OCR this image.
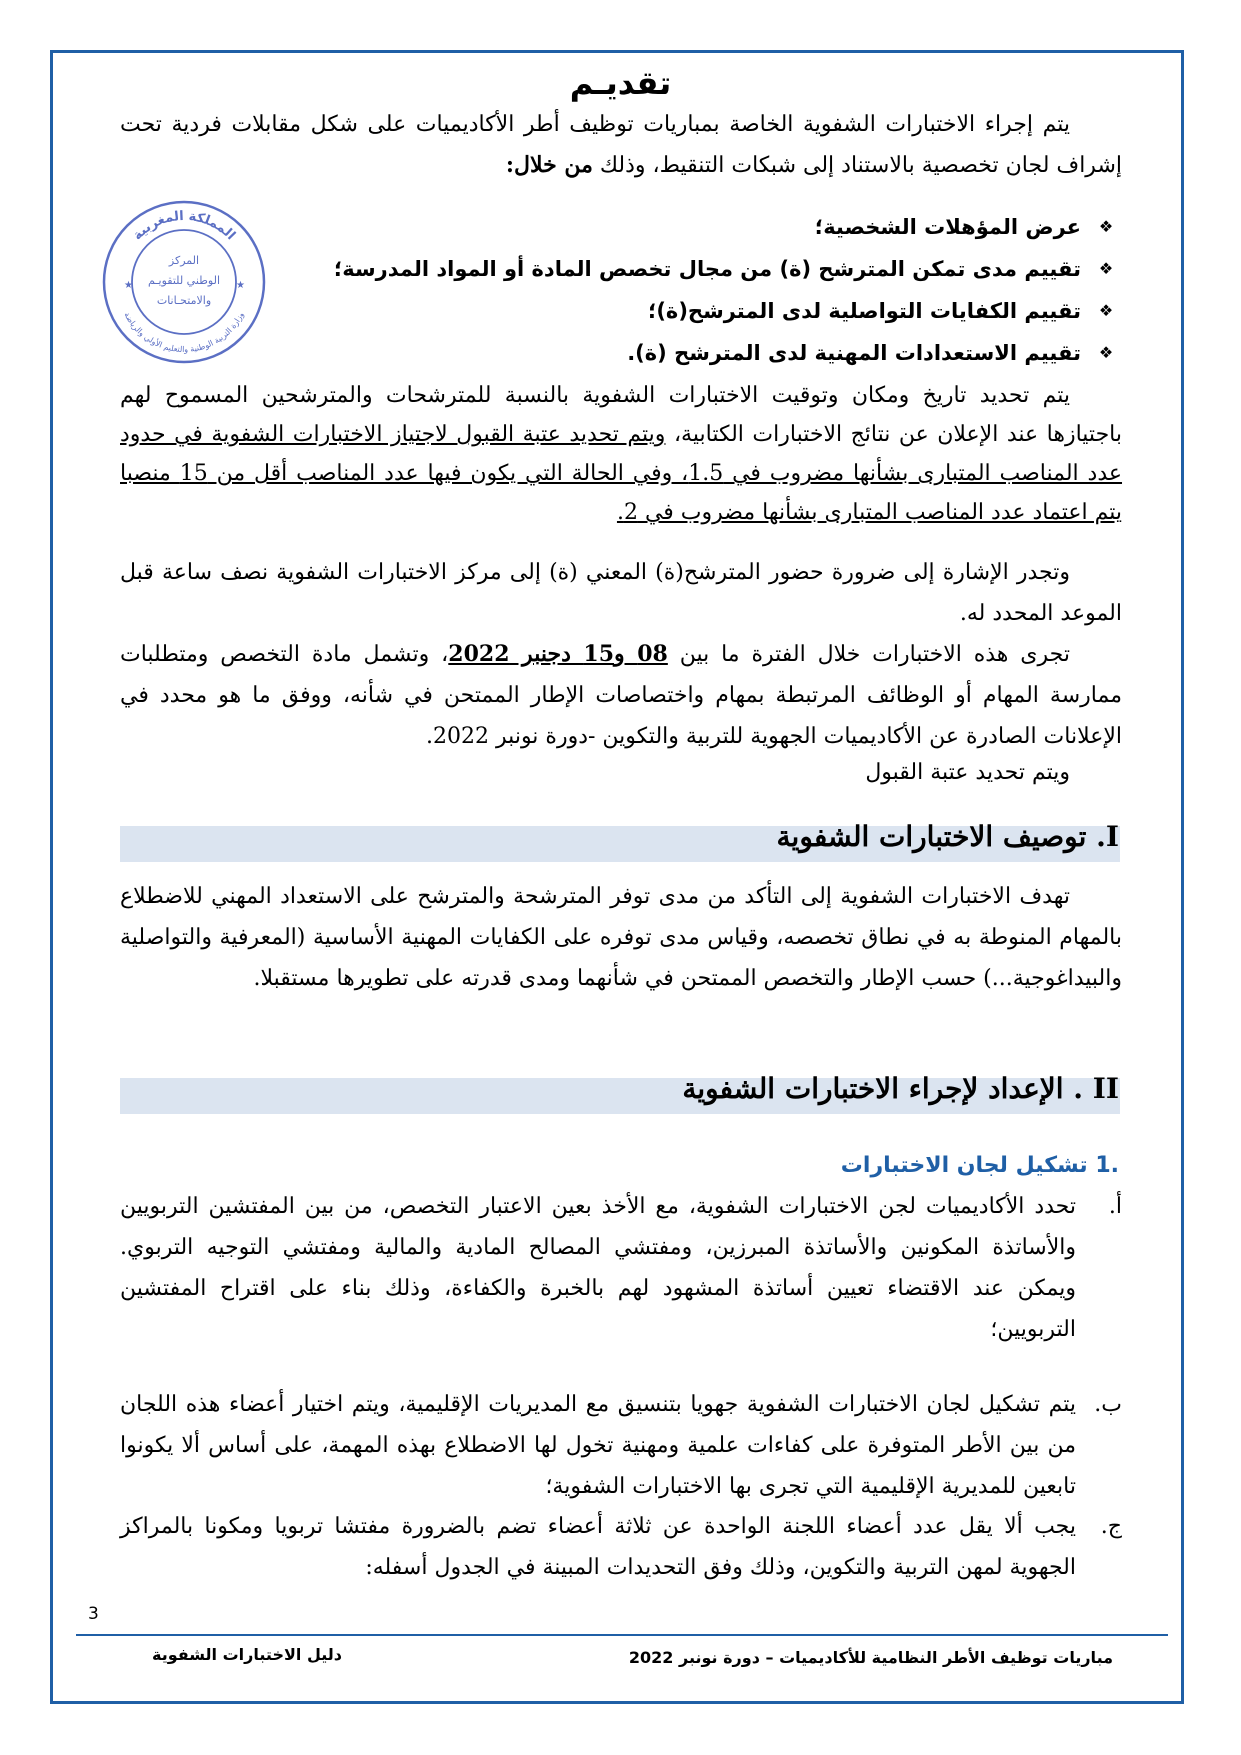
تقديـم
يتم إجراء الاختبارات الشفوية الخاصة بمباريات توظيف أطر الأكاديميات على شكل مقابلات فردية تحت إشراف لجان تخصصية بالاستناد إلى شبكات التنقيط، وذلك من خلال:
المملكة المغربية
وزارة التربية الوطنية والتعليم الأولي والرياضة
المركز
الوطني للتقويـم
والامتحـانات
★	★
❖
عرض المؤهلات الشخصية؛
❖
تقييم مدى تمكن المترشح (ة) من مجال تخصص المادة أو المواد المدرسة؛
❖
تقييم الكفايات التواصلية لدى المترشح(ة)؛
❖
تقييم الاستعدادات المهنية لدى المترشح (ة).
يتم تحديد تاريخ ومكان وتوقيت الاختبارات الشفوية بالنسبة للمترشحات والمترشحين المسموح لهم باجتيازها عند الإعلان عن نتائج الاختبارات الكتابية، ويتم تحديد عتبة القبول لاجتياز الاختبارات الشفوية في حدود عدد المناصب المتبارى بشأنها مضروب في 1.5، وفي الحالة التي يكون فيها عدد المناصب أقل من 15 منصبا يتم اعتماد عدد المناصب المتبارى بشأنها مضروب في 2.
وتجدر الإشارة إلى ضرورة حضور المترشح(ة) المعني (ة) إلى مركز الاختبارات الشفوية نصف ساعة قبل الموعد المحدد له.
تجرى هذه الاختبارات خلال الفترة ما بين 08 و15 دجنبر 2022، وتشمل مادة التخصص ومتطلبات ممارسة المهام أو الوظائف المرتبطة بمهام واختصاصات الإطار الممتحن في شأنه، ووفق ما هو محدد في الإعلانات الصادرة عن الأكاديميات الجهوية للتربية والتكوين -دورة نونبر 2022.
ويتم تحديد عتبة القبول
I. توصيف الاختبارات الشفوية
تهدف الاختبارات الشفوية إلى التأكد من مدى توفر المترشحة والمترشح على الاستعداد المهني للاضطلاع بالمهام المنوطة به في نطاق تخصصه، وقياس مدى توفره على الكفايات المهنية الأساسية (المعرفية والتواصلية والبيداغوجية...) حسب الإطار والتخصص الممتحن في شأنهما ومدى قدرته على تطويرها مستقبلا.
II . الإعداد لإجراء الاختبارات الشفوية
.1 تشكيل لجان الاختبارات
أ.
تحدد الأكاديميات لجن الاختبارات الشفوية، مع الأخذ بعين الاعتبار التخصص، من بين المفتشين التربويين والأساتذة المكونين والأساتذة المبرزين، ومفتشي المصالح المادية والمالية ومفتشي التوجيه التربوي. ويمكن عند الاقتضاء تعيين أساتذة المشهود لهم بالخبرة والكفاءة، وذلك بناء على اقتراح المفتشين التربويين؛
ب.
يتم تشكيل لجان الاختبارات الشفوية جهويا بتنسيق مع المديريات الإقليمية، ويتم اختيار أعضاء هذه اللجان من بين الأطر المتوفرة على كفاءات علمية ومهنية تخول لها الاضطلاع بهذه المهمة، على أساس ألا يكونوا تابعين للمديرية الإقليمية التي تجرى بها الاختبارات الشفوية؛
ج.
يجب ألا يقل عدد أعضاء اللجنة الواحدة عن ثلاثة أعضاء تضم بالضرورة مفتشا تربويا ومكونا بالمراكز الجهوية لمهن التربية والتكوين، وذلك وفق التحديدات المبينة في الجدول أسفله:
3
دليل الاختبارات الشفوية	مباريات توظيف الأطر النظامية للأكاديميات – دورة نونبر 2022
